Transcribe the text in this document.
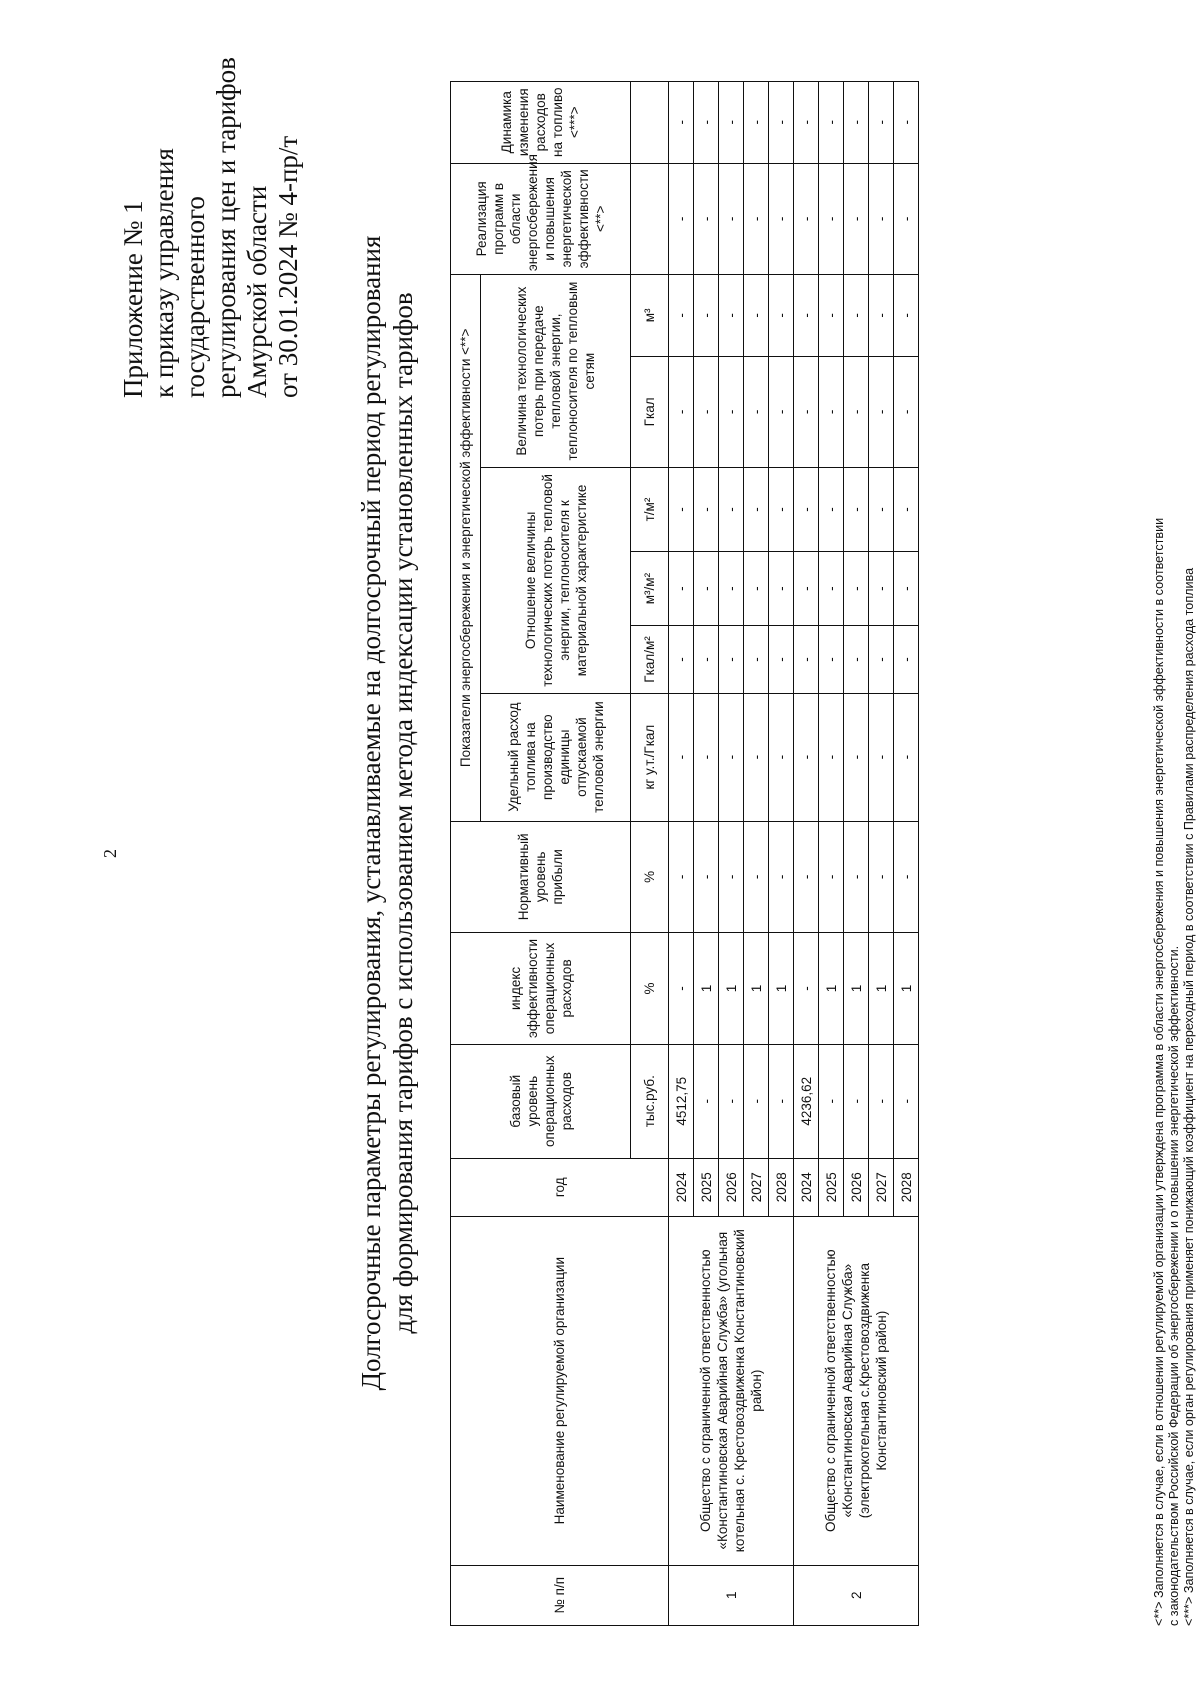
2
Приложение № 1 к приказу управления государственного регулирования цен и тарифов Амурской области от 30.01.2024 № 4-пр/т Долгосрочные параметры регулирования, устанавливаемые на долгосрочный период регулирования для формирования тарифов с использованием метода индексации установленных тарифов
№ п/п	Наименование регулируемой организации	год	базовый уровень операционных расходов	индекс эффективности операционных расходов	Нормативный уровень прибыли	Показатели энергосбережения и энергетической эффективности <**>						Реализация программ в области энергосбережения и повышения энергетической эффективности <**>	Динамика изменения расходов на топливо <***>
						Удельный расход топлива на производство единицы отпускаемой тепловой энергии	Отношение величины технологических потерь тепловой энергии, теплоносителя к материальной характеристике			Величина технологических потерь при передаче тепловой энергии, теплоносителя по тепловым сетям			
			тыс.руб.	%	%	кг у.т./Гкал	Гкал/м²	м³/м²	т/м²	Гкал	м³		
1	Общество с ограниченной ответственностью «Константиновская Аварийная Служба» (угольная котельная с. Крестовоздвиженка Константиновский район)	2024	4512,75	-	-	-	-	-	-	-	-	-	-
		2025	-	1	-	-	-	-	-	-	-	-	-
		2026	-	1	-	-	-	-	-	-	-	-	-
		2027	-	1	-	-	-	-	-	-	-	-	-
		2028	-	1	-	-	-	-	-	-	-	-	-
2	Общество с ограниченной ответственностью «Константиновская Аварийная Служба» (электрокотельная с.Крестовоздвиженка Константиновский район)	2024	4236,62	-	-	-	-	-	-	-	-	-	-
		2025	-	1	-	-	-	-	-	-	-	-	-
		2026	-	1	-	-	-	-	-	-	-	-	-
		2027	-	1	-	-	-	-	-	-	-	-	-
		2028	-	1	-	-	-	-	-	-	-	-	-
<**> Заполняется в случае, если в отношении регулируемой организации утверждена программа в области энергосбережения и повышения энергетической эффективности в соответствии с законодательством Российской Федерации об энергосбережении и о повышении энергетической эффективности. <***> Заполняется в случае, если орган регулирования применяет понижающий коэффициент на переходный период в соответствии с Правилами распределения расхода топлива
